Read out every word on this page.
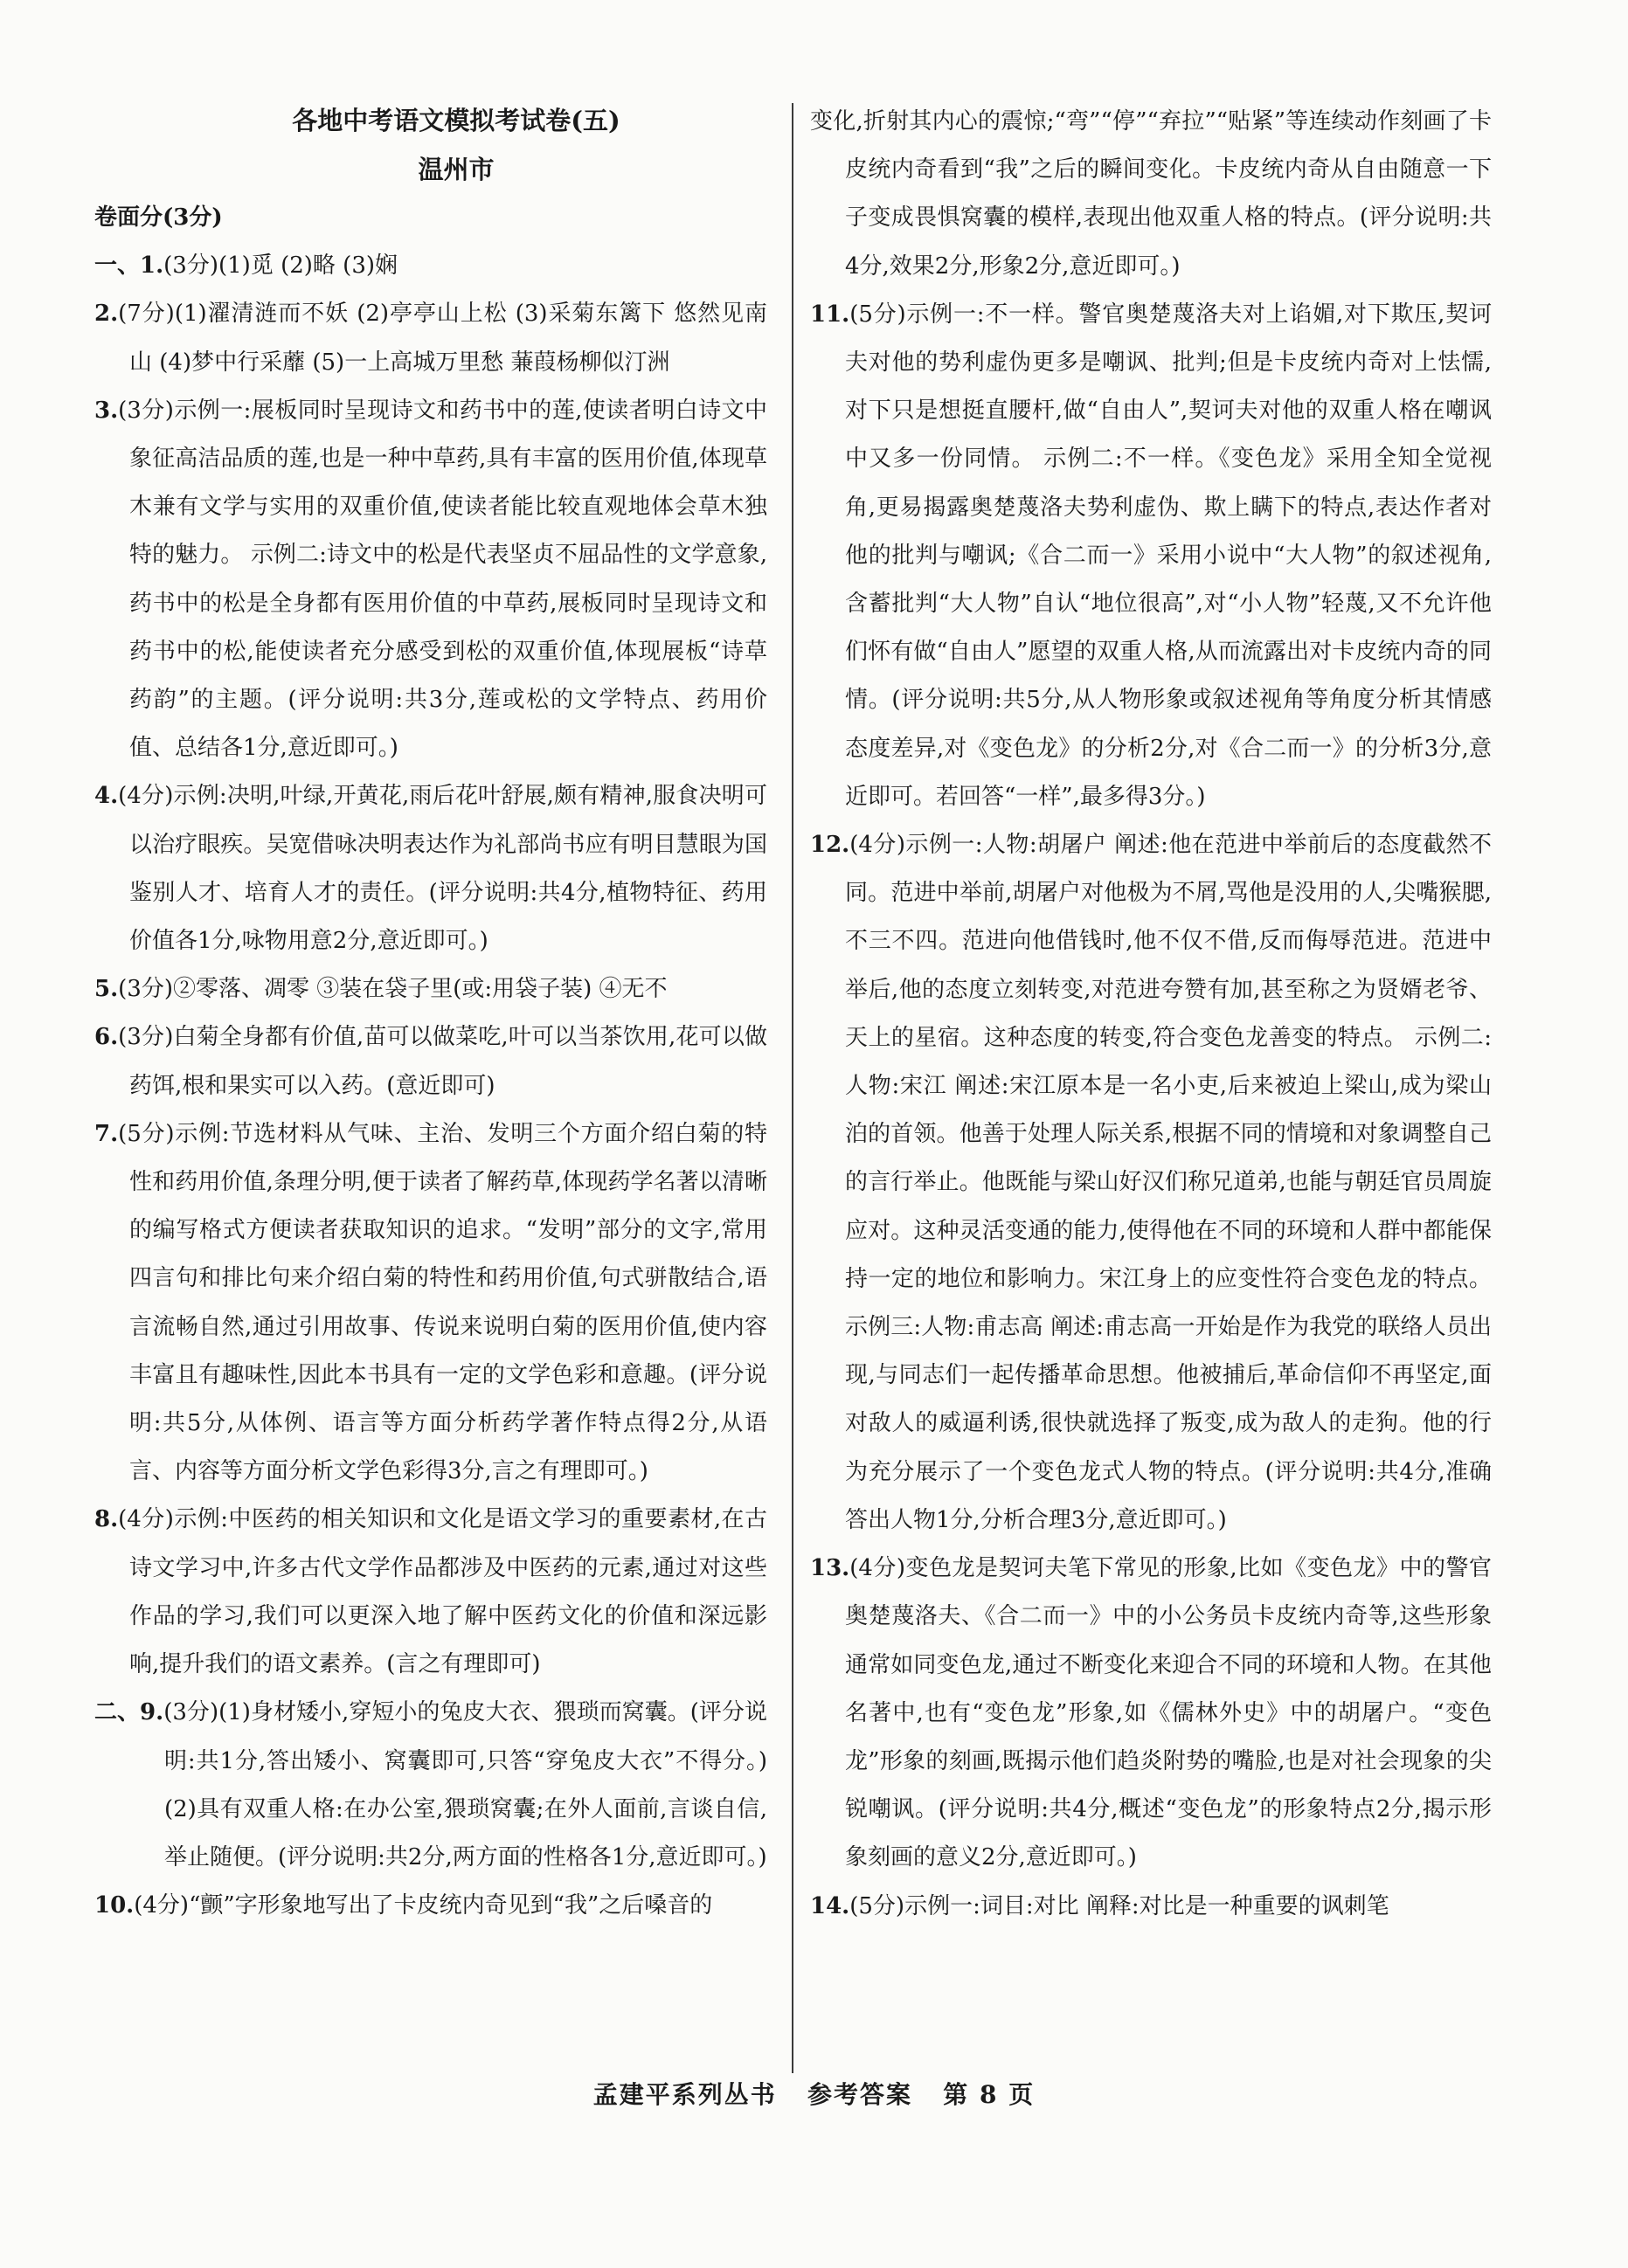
各地中考语文模拟考试卷(五)
温州市

卷面分(3分)

一、1.(3分)(1)觅 (2)略 (3)娴

2.(7分)(1)濯清涟而不妖 (2)亭亭山上松 (3)采菊东篱下 悠然见南山 (4)梦中行采蘼 (5)一上高城万里愁 蒹葭杨柳似汀洲

3.(3分)示例一:展板同时呈现诗文和药书中的莲,使读者明白诗文中象征高洁品质的莲,也是一种中草药,具有丰富的医用价值,体现草木兼有文学与实用的双重价值,使读者能比较直观地体会草木独特的魅力。 示例二:诗文中的松是代表坚贞不屈品性的文学意象,药书中的松是全身都有医用价值的中草药,展板同时呈现诗文和药书中的松,能使读者充分感受到松的双重价值,体现展板“诗草药韵”的主题。(评分说明:共3分,莲或松的文学特点、药用价值、总结各1分,意近即可。)

4.(4分)示例:决明,叶绿,开黄花,雨后花叶舒展,颇有精神,服食决明可以治疗眼疾。吴宽借咏决明表达作为礼部尚书应有明目慧眼为国鉴别人才、培育人才的责任。(评分说明:共4分,植物特征、药用价值各1分,咏物用意2分,意近即可。)

5.(3分)②零落、凋零 ③装在袋子里(或:用袋子装) ④无不

6.(3分)白菊全身都有价值,苗可以做菜吃,叶可以当茶饮用,花可以做药饵,根和果实可以入药。(意近即可)

7.(5分)示例:节选材料从气味、主治、发明三个方面介绍白菊的特性和药用价值,条理分明,便于读者了解药草,体现药学名著以清晰的编写格式方便读者获取知识的追求。“发明”部分的文字,常用四言句和排比句来介绍白菊的特性和药用价值,句式骈散结合,语言流畅自然,通过引用故事、传说来说明白菊的医用价值,使内容丰富且有趣味性,因此本书具有一定的文学色彩和意趣。(评分说明:共5分,从体例、语言等方面分析药学著作特点得2分,从语言、内容等方面分析文学色彩得3分,言之有理即可。)

8.(4分)示例:中医药的相关知识和文化是语文学习的重要素材,在古诗文学习中,许多古代文学作品都涉及中医药的元素,通过对这些作品的学习,我们可以更深入地了解中医药文化的价值和深远影响,提升我们的语文素养。(言之有理即可)

二、9.(3分)(1)身材矮小,穿短小的兔皮大衣、猥琐而窝囊。(评分说明:共1分,答出矮小、窝囊即可,只答“穿兔皮大衣”不得分。) (2)具有双重人格:在办公室,猥琐窝囊;在外人面前,言谈自信,举止随便。(评分说明:共2分,两方面的性格各1分,意近即可。)

10.(4分)“颤”字形象地写出了卡皮统内奇见到“我”之后嗓音的

变化,折射其内心的震惊;“弯”“停”“弃拉”“贴紧”等连续动作刻画了卡皮统内奇看到“我”之后的瞬间变化。卡皮统内奇从自由随意一下子变成畏惧窝囊的模样,表现出他双重人格的特点。(评分说明:共4分,效果2分,形象2分,意近即可。)

11.(5分)示例一:不一样。警官奥楚蔑洛夫对上谄媚,对下欺压,契诃夫对他的势利虚伪更多是嘲讽、批判;但是卡皮统内奇对上怯懦,对下只是想挺直腰杆,做“自由人”,契诃夫对他的双重人格在嘲讽中又多一份同情。 示例二:不一样。《变色龙》采用全知全觉视角,更易揭露奥楚蔑洛夫势利虚伪、欺上瞒下的特点,表达作者对他的批判与嘲讽;《合二而一》采用小说中“大人物”的叙述视角,含蓄批判“大人物”自认“地位很高”,对“小人物”轻蔑,又不允许他们怀有做“自由人”愿望的双重人格,从而流露出对卡皮统内奇的同情。(评分说明:共5分,从人物形象或叙述视角等角度分析其情感态度差异,对《变色龙》的分析2分,对《合二而一》的分析3分,意近即可。若回答“一样”,最多得3分。)

12.(4分)示例一:人物:胡屠户 阐述:他在范进中举前后的态度截然不同。范进中举前,胡屠户对他极为不屑,骂他是没用的人,尖嘴猴腮,不三不四。范进向他借钱时,他不仅不借,反而侮辱范进。范进中举后,他的态度立刻转变,对范进夸赞有加,甚至称之为贤婿老爷、天上的星宿。这种态度的转变,符合变色龙善变的特点。 示例二:人物:宋江 阐述:宋江原本是一名小吏,后来被迫上梁山,成为梁山泊的首领。他善于处理人际关系,根据不同的情境和对象调整自己的言行举止。他既能与梁山好汉们称兄道弟,也能与朝廷官员周旋应对。这种灵活变通的能力,使得他在不同的环境和人群中都能保持一定的地位和影响力。宋江身上的应变性符合变色龙的特点。 示例三:人物:甫志高 阐述:甫志高一开始是作为我党的联络人员出现,与同志们一起传播革命思想。他被捕后,革命信仰不再坚定,面对敌人的威逼利诱,很快就选择了叛变,成为敌人的走狗。他的行为充分展示了一个变色龙式人物的特点。(评分说明:共4分,准确答出人物1分,分析合理3分,意近即可。)

13.(4分)变色龙是契诃夫笔下常见的形象,比如《变色龙》中的警官奥楚蔑洛夫、《合二而一》中的小公务员卡皮统内奇等,这些形象通常如同变色龙,通过不断变化来迎合不同的环境和人物。在其他名著中,也有“变色龙”形象,如《儒林外史》中的胡屠户。“变色龙”形象的刻画,既揭示他们趋炎附势的嘴脸,也是对社会现象的尖锐嘲讽。(评分说明:共4分,概述“变色龙”的形象特点2分,揭示形象刻画的意义2分,意近即可。)

14.(5分)示例一:词目:对比 阐释:对比是一种重要的讽刺笔

孟建平系列丛书 参考答案 第 8 页
